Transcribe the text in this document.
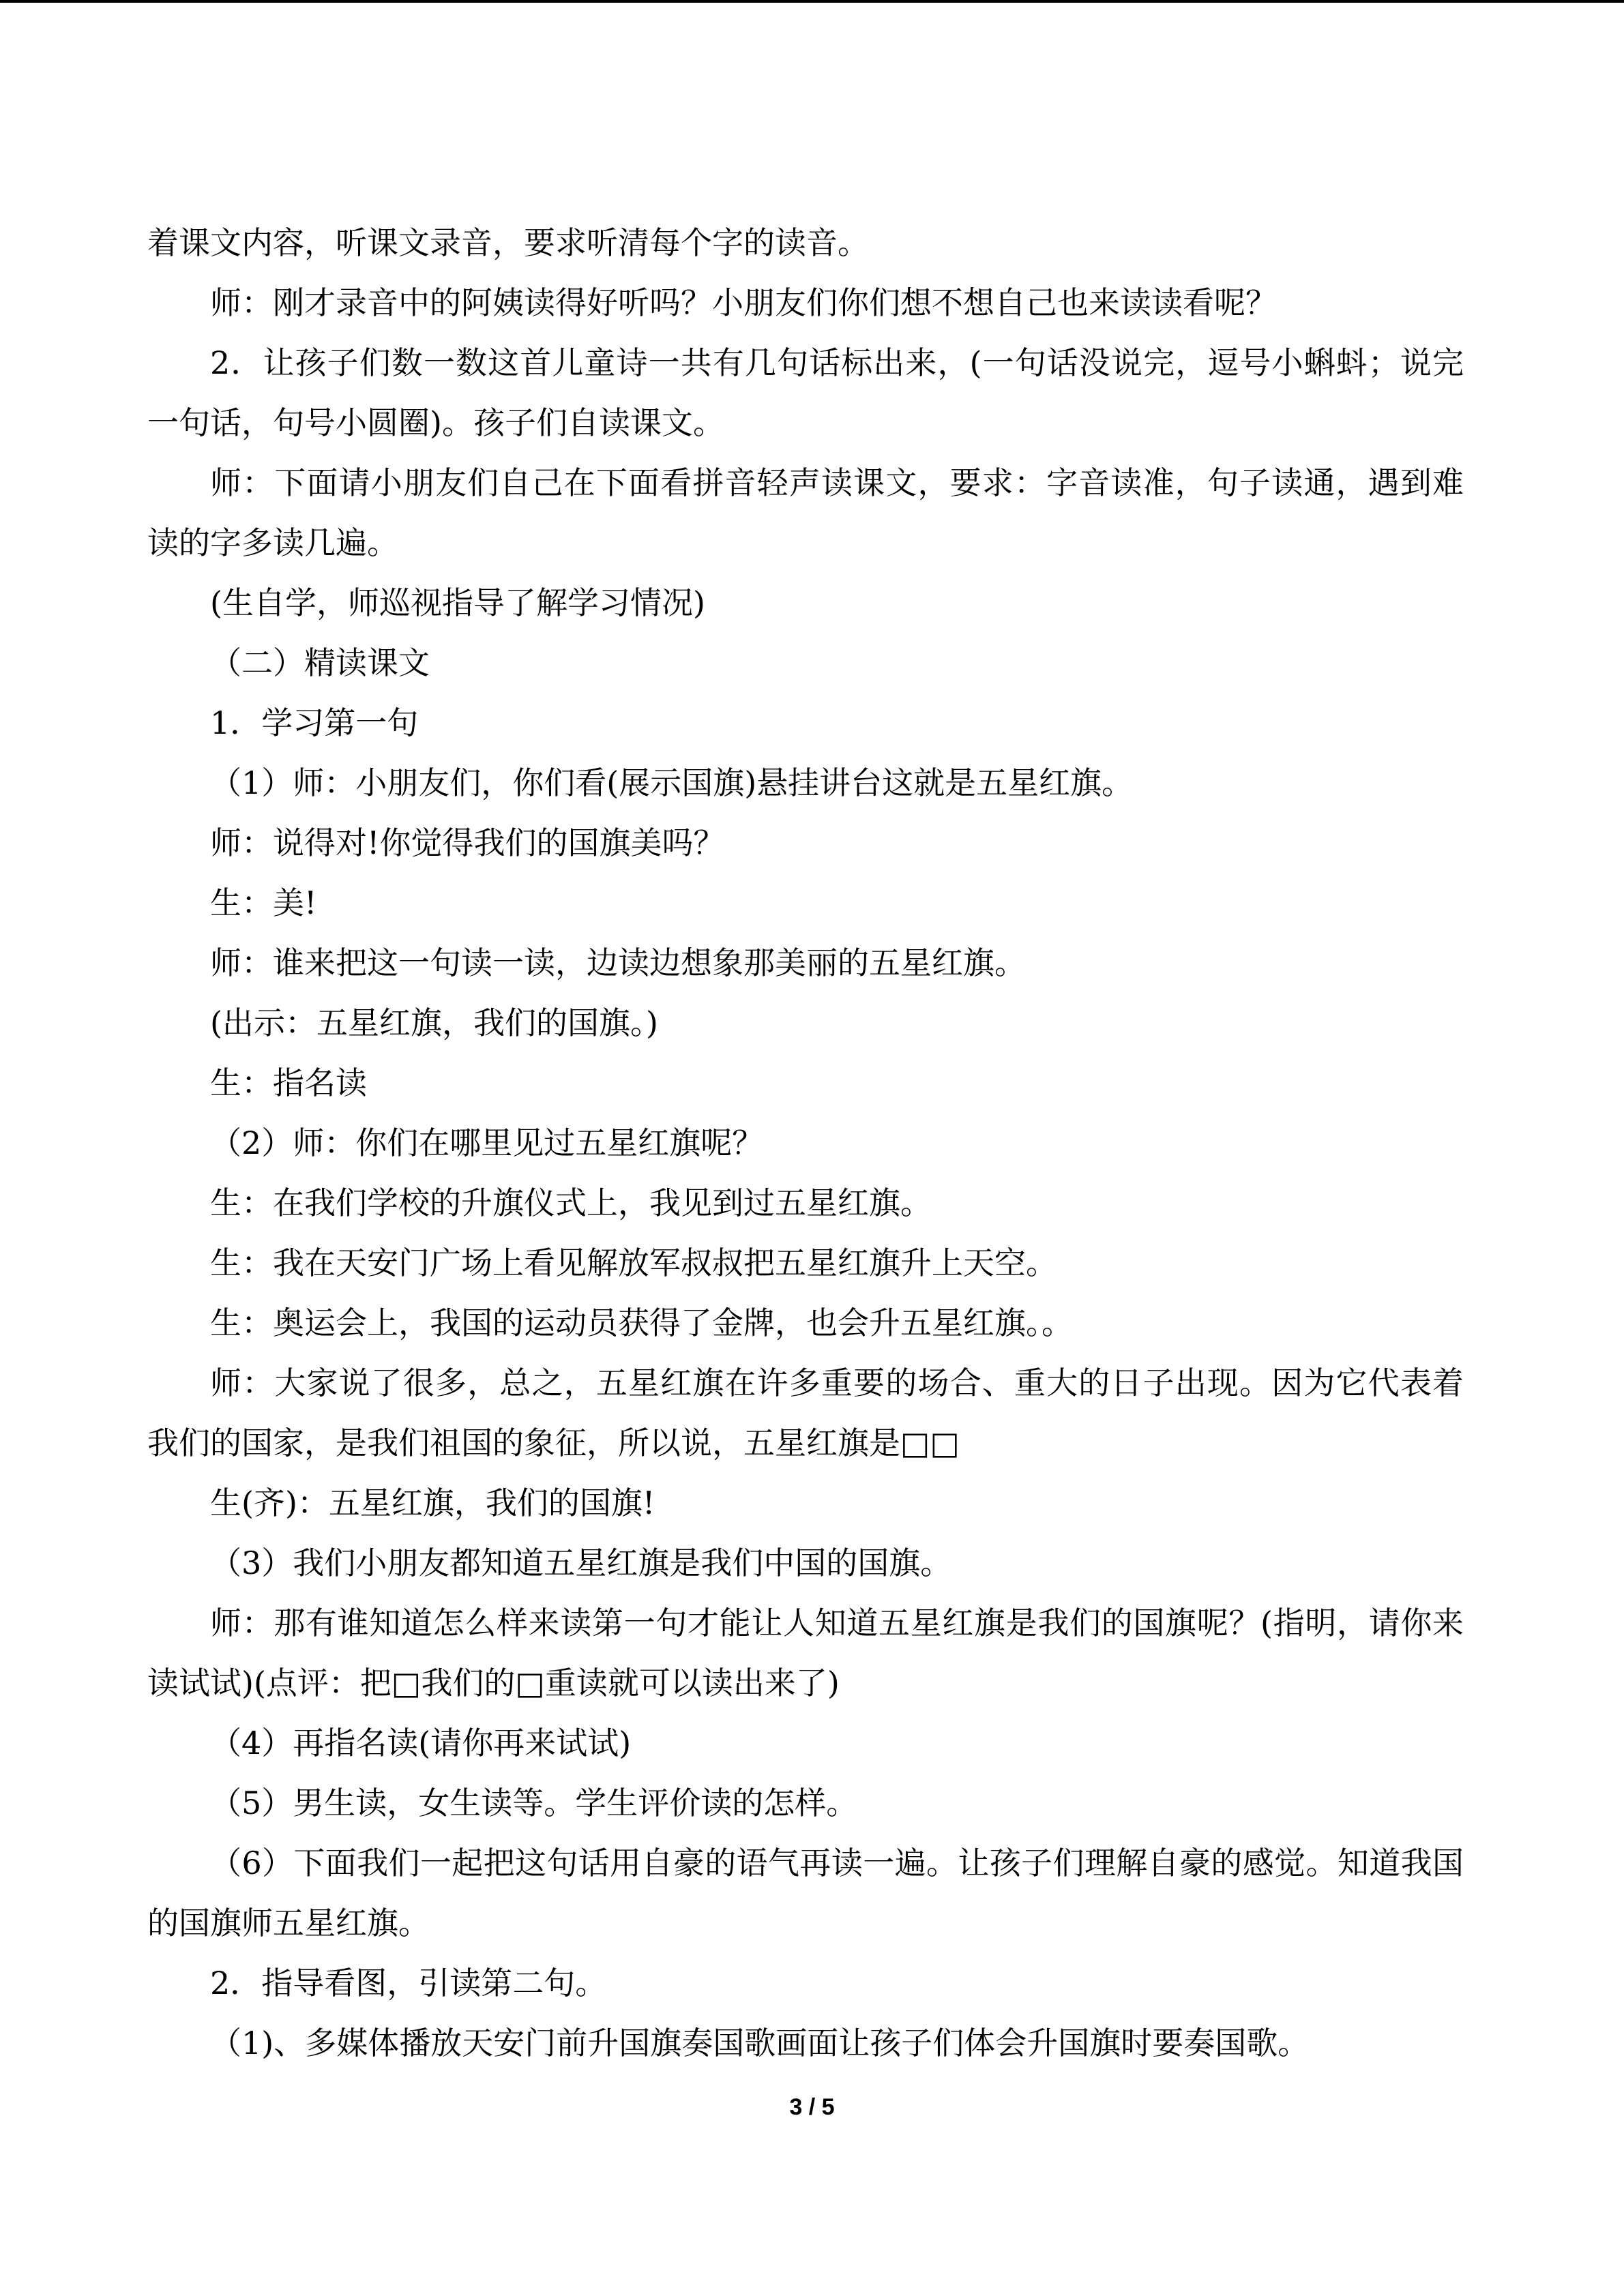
着课文内容，听课文录音，要求听清每个字的读音。

师：刚才录音中的阿姨读得好听吗？小朋友们你们想不想自己也来读读看呢？

2．让孩子们数一数这首儿童诗一共有几句话标出来，(一句话没说完，逗号小蝌蚪；说完一句话，句号小圆圈)。孩子们自读课文。

师：下面请小朋友们自己在下面看拼音轻声读课文，要求：字音读准，句子读通，遇到难读的字多读几遍。

(生自学，师巡视指导了解学习情况)

（二）精读课文

1．学习第一句

（1）师：小朋友们，你们看(展示国旗)悬挂讲台这就是五星红旗。

师：说得对!你觉得我们的国旗美吗？

生：美!

师：谁来把这一句读一读，边读边想象那美丽的五星红旗。

(出示：五星红旗，我们的国旗。)

生：指名读

（2）师：你们在哪里见过五星红旗呢？

生：在我们学校的升旗仪式上，我见到过五星红旗。

生：我在天安门广场上看见解放军叔叔把五星红旗升上天空。

生：奥运会上，我国的运动员获得了金牌，也会升五星红旗。。

师：大家说了很多，总之，五星红旗在许多重要的场合、重大的日子出现。因为它代表着我们的国家，是我们祖国的象征，所以说，五星红旗是□□

生(齐)：五星红旗，我们的国旗!

（3）我们小朋友都知道五星红旗是我们中国的国旗。

师：那有谁知道怎么样来读第一句才能让人知道五星红旗是我们的国旗呢？(指明，请你来读试试)(点评：把□我们的□重读就可以读出来了)

（4）再指名读(请你再来试试)

（5）男生读，女生读等。学生评价读的怎样。

（6）下面我们一起把这句话用自豪的语气再读一遍。让孩子们理解自豪的感觉。知道我国的国旗师五星红旗。

2．指导看图，引读第二句。

（1)、多媒体播放天安门前升国旗奏国歌画面让孩子们体会升国旗时要奏国歌。

3 / 5
